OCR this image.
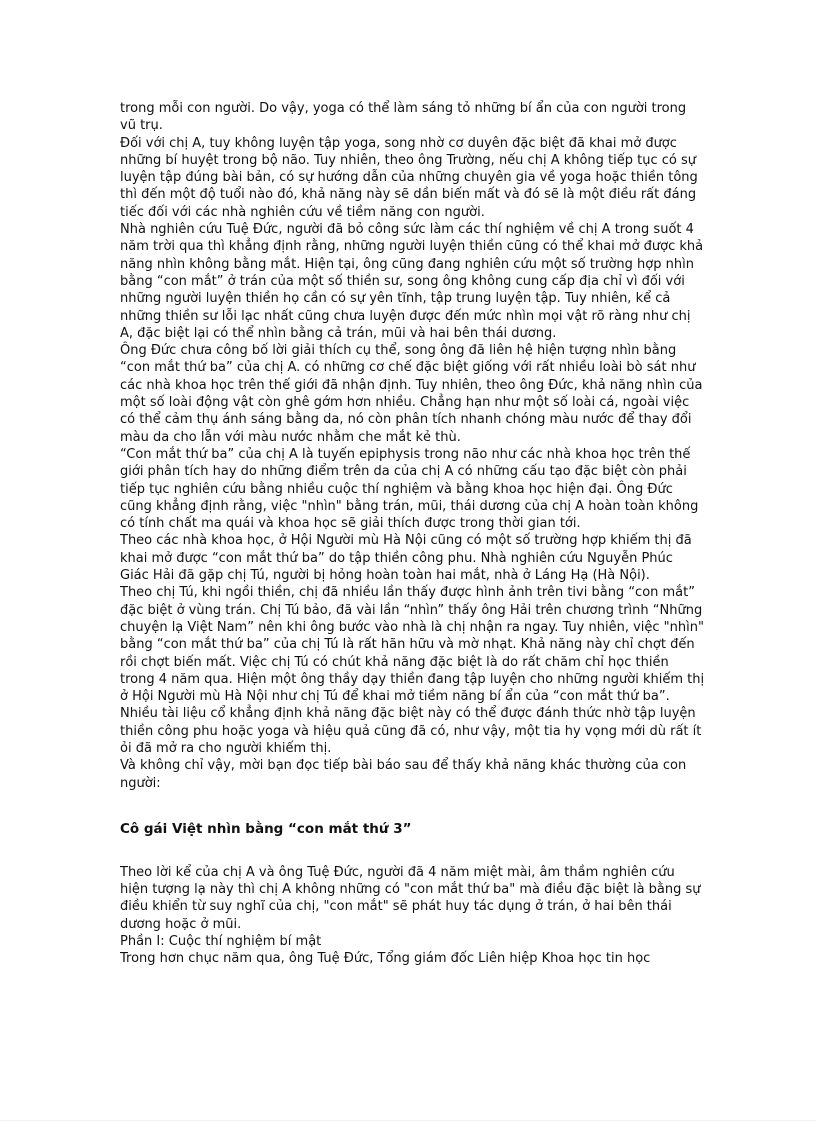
trong mỗi con người. Do vậy, yoga có thể làm sáng tỏ những bí ẩn của con người trong vũ trụ.

Đối với chị A, tuy không luyện tập yoga, song nhờ cơ duyên đặc biệt đã khai mở được những bí huyệt trong bộ não. Tuy nhiên, theo ông Trường, nếu chị A không tiếp tục có sự luyện tập đúng bài bản, có sự hướng dẫn của những chuyên gia về yoga hoặc thiền tông thì đến một độ tuổi nào đó, khả năng này sẽ dần biến mất và đó sẽ là một điều rất đáng tiếc đối với các nhà nghiên cứu về tiềm năng con người.

Nhà nghiên cứu Tuệ Đức, người đã bỏ công sức làm các thí nghiệm về chị A trong suốt 4 năm trời qua thì khẳng định rằng, những người luyện thiền cũng có thể khai mở được khả năng nhìn không bằng mắt. Hiện tại, ông cũng đang nghiên cứu một số trường hợp nhìn bằng “con mắt” ở trán của một số thiền sư, song ông không cung cấp địa chỉ vì đối với những người luyện thiền họ cần có sự yên tĩnh, tập trung luyện tập. Tuy nhiên, kể cả những thiền sư lỗi lạc nhất cũng chưa luyện được đến mức nhìn mọi vật rõ ràng như chị A, đặc biệt lại có thể nhìn bằng cả trán, mũi và hai bên thái dương.

Ông Đức chưa công bố lời giải thích cụ thể, song ông đã liên hệ hiện tượng nhìn bằng “con mắt thứ ba” của chị A. có những cơ chế đặc biệt giống với rất nhiều loài bò sát như các nhà khoa học trên thế giới đã nhận định. Tuy nhiên, theo ông Đức, khả năng nhìn của một số loài động vật còn ghê gớm hơn nhiều. Chẳng hạn như một số loài cá, ngoài việc có thể cảm thụ ánh sáng bằng da, nó còn phân tích nhanh chóng màu nước để thay đổi màu da cho lẫn với màu nước nhằm che mắt kẻ thù.

“Con mắt thứ ba” của chị A là tuyến epiphysis trong não như các nhà khoa học trên thế giới phân tích hay do những điểm trên da của chị A có những cấu tạo đặc biệt còn phải tiếp tục nghiên cứu bằng nhiều cuộc thí nghiệm và bằng khoa học hiện đại. Ông Đức cũng khẳng định rằng, việc "nhìn" bằng trán, mũi, thái dương của chị A hoàn toàn không có tính chất ma quái và khoa học sẽ giải thích được trong thời gian tới.

Theo các nhà khoa học, ở Hội Người mù Hà Nội cũng có một số trường hợp khiếm thị đã khai mở được “con mắt thứ ba” do tập thiền công phu. Nhà nghiên cứu Nguyễn Phúc Giác Hải đã gặp chị Tú, người bị hỏng hoàn toàn hai mắt, nhà ở Láng Hạ (Hà Nội).

Theo chị Tú, khi ngồi thiền, chị đã nhiều lần thấy được hình ảnh trên tivi bằng “con mắt” đặc biệt ở vùng trán. Chị Tú bảo, đã vài lần “nhìn” thấy ông Hải trên chương trình “Những chuyện lạ Việt Nam” nên khi ông bước vào nhà là chị nhận ra ngay. Tuy nhiên, việc "nhìn" bằng “con mắt thứ ba” của chị Tú là rất hãn hữu và mờ nhạt. Khả năng này chỉ chợt đến rồi chợt biến mất. Việc chị Tú có chút khả năng đặc biệt là do rất chăm chỉ học thiền trong 4 năm qua. Hiện một ông thầy dạy thiền đang tập luyện cho những người khiếm thị ở Hội Người mù Hà Nội như chị Tú để khai mở tiềm năng bí ẩn của “con mắt thứ ba”.

Nhiều tài liệu cổ khẳng định khả năng đặc biệt này có thể được đánh thức nhờ tập luyện thiền công phu hoặc yoga và hiệu quả cũng đã có, như vậy, một tia hy vọng mới dù rất ít ỏi đã mở ra cho người khiếm thị.

Và không chỉ vậy, mời bạn đọc tiếp bài báo sau để thấy khả năng khác thường của con người:

Cô gái Việt nhìn bằng “con mắt thứ 3”

Theo lời kể của chị A và ông Tuệ Đức, người đã 4 năm miệt mài, âm thầm nghiên cứu hiện tượng lạ này thì chị A không những có "con mắt thứ ba" mà điều đặc biệt là bằng sự điều khiển từ suy nghĩ của chị, "con mắt" sẽ phát huy tác dụng ở trán, ở hai bên thái dương hoặc ở mũi.

Phần I: Cuộc thí nghiệm bí mật

Trong hơn chục năm qua, ông Tuệ Đức, Tổng giám đốc Liên hiệp Khoa học tin học
